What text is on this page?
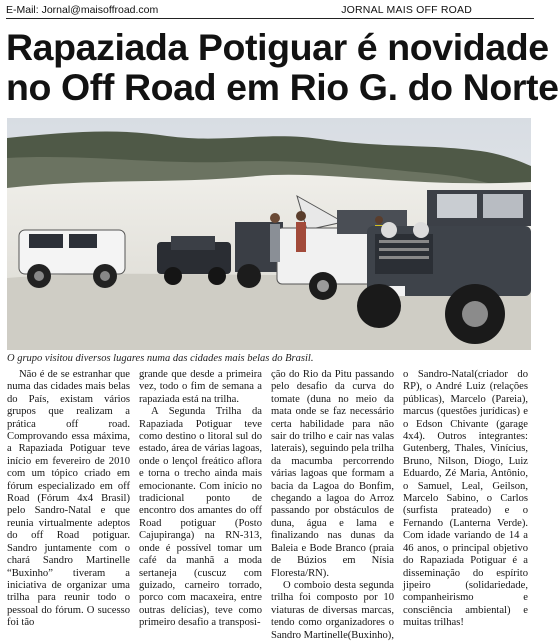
E-Mail: Jornal@maisoffroad.com	JORNAL MAIS OFF ROAD
Rapaziada Potiguar é novidade
no Off Road em Rio G. do Norte
O grupo visitou diversos lugares numa das cidades mais belas do Brasil.

Não é de se estranhar que numa das cidades mais belas do País, existam vários grupos que realizam a prática off road. Comprovando essa máxima, a Rapaziada Potiguar teve início em fevereiro de 2010 com um tópico criado em fórum especializado em off Road (Fórum 4x4 Brasil) pelo Sandro-Natal e que reunia virtualmente adeptos do off Road potiguar. Sandro juntamente com o chará Sandro Martinelle “Buxinho” tiveram a iniciativa de organizar uma trilha para reunir todo o pessoal do fórum. O sucesso foi tão

grande que desde a primeira vez, todo o fim de semana a rapaziada está na trilha.

A Segunda Trilha da Rapaziada Potiguar teve como destino o litoral sul do estado, área de várias lagoas, onde o lençol freático aflora e torna o trecho ainda mais emocionante. Com início no tradicional ponto de encontro dos amantes do off Road potiguar (Posto Cajupiranga) na RN-313, onde é possível tomar um café da manhã a moda sertaneja (cuscuz com guizado, carneiro torrado, porco com macaxeira, entre outras delícias), teve como primeiro desafio a transposi-

ção do Rio da Pitu passando pelo desafio da curva do tomate (duna no meio da mata onde se faz necessário certa habilidade para não sair do trilho e cair nas valas laterais), seguindo pela trilha da macumba percorrendo várias lagoas que formam a bacia da Lagoa do Bonfim, chegando a lagoa do Arroz passando por obstáculos de duna, água e lama e finalizando nas dunas da Baleia e Bode Branco (praia de Búzios em Nísia Floresta/RN).

O comboio desta segunda trilha foi composto por 10 viaturas de diversas marcas, tendo como organizadores o Sandro Martinelle(Buxinho),

o Sandro-Natal(criador do RP), o André Luiz (relações públicas), Marcelo (Pareia), marcus (questões jurídicas) e o Edson Chivante (garage 4x4). Outros integrantes: Gutenberg, Thales, Vinícius, Bruno, Nilson, Diogo, Luiz Eduardo, Zé Maria, Antônio, o Samuel, Leal, Geilson, Marcelo Sabino, o Carlos (surfista prateado) e o Fernando (Lanterna Verde). Com idade variando de 14 a 46 anos, o principal objetivo do Rapaziada Potiguar é a disseminação do espírito jipeiro (solidariedade, companheirismo e consciência ambiental) e muitas trilhas!
